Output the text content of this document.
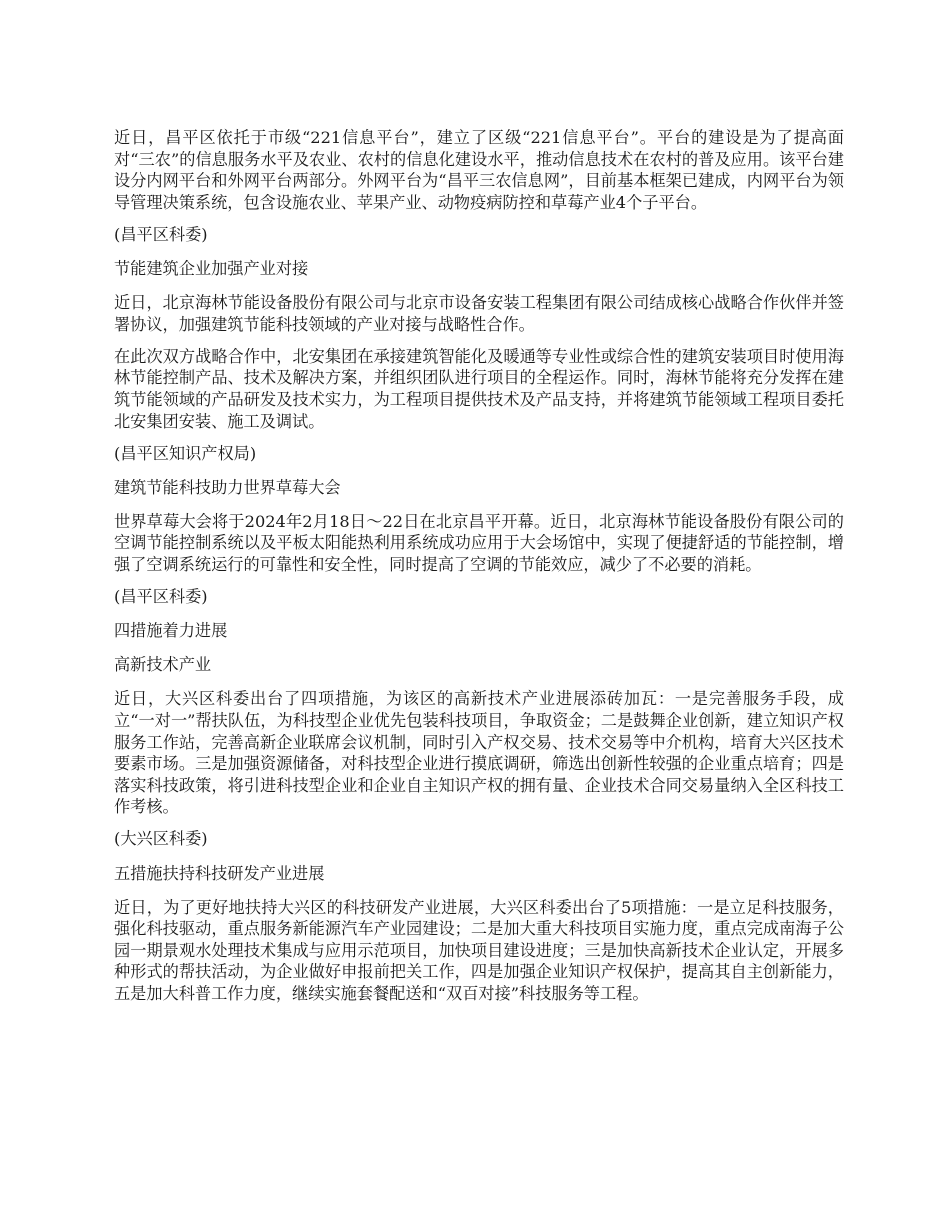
近日，昌平区依托于市级“221信息平台”，建立了区级“221信息平台”。平台的建设是为了提高面对“三农”的信息服务水平及农业、农村的信息化建设水平，推动信息技术在农村的普及应用。该平台建设分内网平台和外网平台两部分。外网平台为“昌平三农信息网”，目前基本框架已建成，内网平台为领导管理决策系统，包含设施农业、苹果产业、动物疫病防控和草莓产业4个子平台。

(昌平区科委)

节能建筑企业加强产业对接

近日，北京海林节能设备股份有限公司与北京市设备安装工程集团有限公司结成核心战略合作伙伴并签署协议，加强建筑节能科技领域的产业对接与战略性合作。

在此次双方战略合作中，北安集团在承接建筑智能化及暖通等专业性或综合性的建筑安装项目时使用海林节能控制产品、技术及解决方案，并组织团队进行项目的全程运作。同时，海林节能将充分发挥在建筑节能领域的产品研发及技术实力，为工程项目提供技术及产品支持，并将建筑节能领域工程项目委托北安集团安装、施工及调试。

(昌平区知识产权局)

建筑节能科技助力世界草莓大会

世界草莓大会将于2024年2月18日～22日在北京昌平开幕。近日，北京海林节能设备股份有限公司的空调节能控制系统以及平板太阳能热利用系统成功应用于大会场馆中，实现了便捷舒适的节能控制，增强了空调系统运行的可靠性和安全性，同时提高了空调的节能效应，减少了不必要的消耗。

(昌平区科委)

四措施着力进展

高新技术产业

近日，大兴区科委出台了四项措施，为该区的高新技术产业进展添砖加瓦：一是完善服务手段，成立“一对一”帮扶队伍，为科技型企业优先包装科技项目，争取资金；二是鼓舞企业创新，建立知识产权服务工作站，完善高新企业联席会议机制，同时引入产权交易、技术交易等中介机构，培育大兴区技术要素市场。三是加强资源储备，对科技型企业进行摸底调研，筛选出创新性较强的企业重点培育；四是落实科技政策，将引进科技型企业和企业自主知识产权的拥有量、企业技术合同交易量纳入全区科技工作考核。

(大兴区科委)

五措施扶持科技研发产业进展

近日，为了更好地扶持大兴区的科技研发产业进展，大兴区科委出台了5项措施：一是立足科技服务，强化科技驱动，重点服务新能源汽车产业园建设；二是加大重大科技项目实施力度，重点完成南海子公园一期景观水处理技术集成与应用示范项目，加快项目建设进度；三是加快高新技术企业认定，开展多种形式的帮扶活动，为企业做好申报前把关工作，四是加强企业知识产权保护，提高其自主创新能力，五是加大科普工作力度，继续实施套餐配送和“双百对接”科技服务等工程。
